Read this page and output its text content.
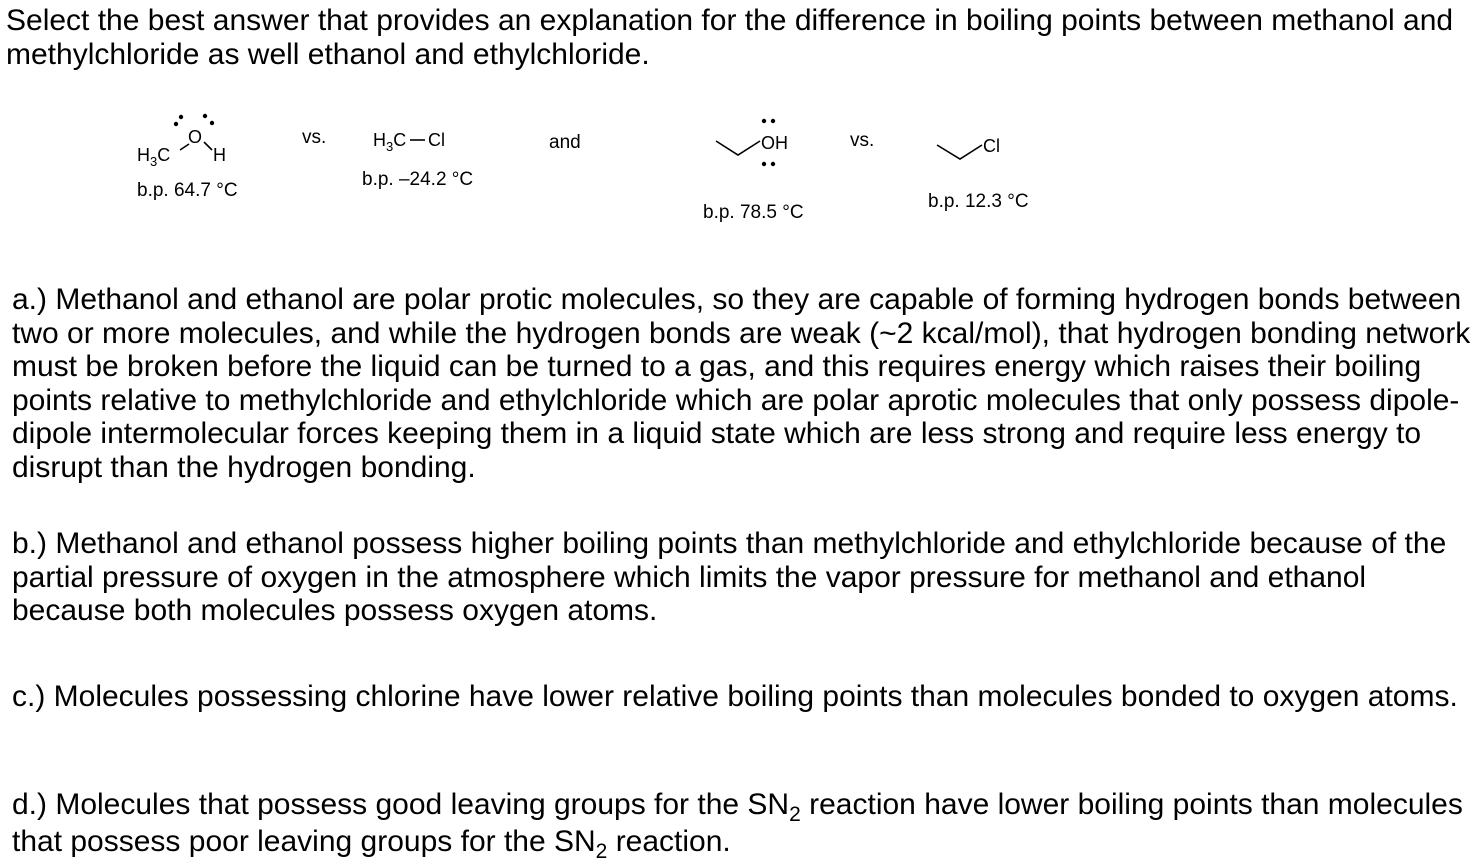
Select the best answer that provides an explanation for the difference in boiling points between methanol and methylchloride as well ethanol and ethylchloride.

$H_3C$
O
H
b.p. 64.7 °C
vs.	$H_3C$ Cl
b.p. –24.2 °C
and	OH
b.p. 78.5 °C
vs.	Cl
b.p. 12.3 °C

a.) Methanol and ethanol are polar protic molecules, so they are capable of forming hydrogen bonds between two or more molecules, and while the hydrogen bonds are weak (~2 kcal/mol), that hydrogen bonding network must be broken before the liquid can be turned to a gas, and this requires energy which raises their boiling points relative to methylchloride and ethylchloride which are polar aprotic molecules that only possess dipole-dipole intermolecular forces keeping them in a liquid state which are less strong and require less energy to disrupt than the hydrogen bonding.

b.) Methanol and ethanol possess higher boiling points than methylchloride and ethylchloride because of the partial pressure of oxygen in the atmosphere which limits the vapor pressure for methanol and ethanol because both molecules possess oxygen atoms.

c.) Molecules possessing chlorine have lower relative boiling points than molecules bonded to oxygen atoms.

d.) Molecules that possess good leaving groups for the $SN_2$ reaction have lower boiling points than molecules that possess poor leaving groups for the $SN_2$ reaction.
